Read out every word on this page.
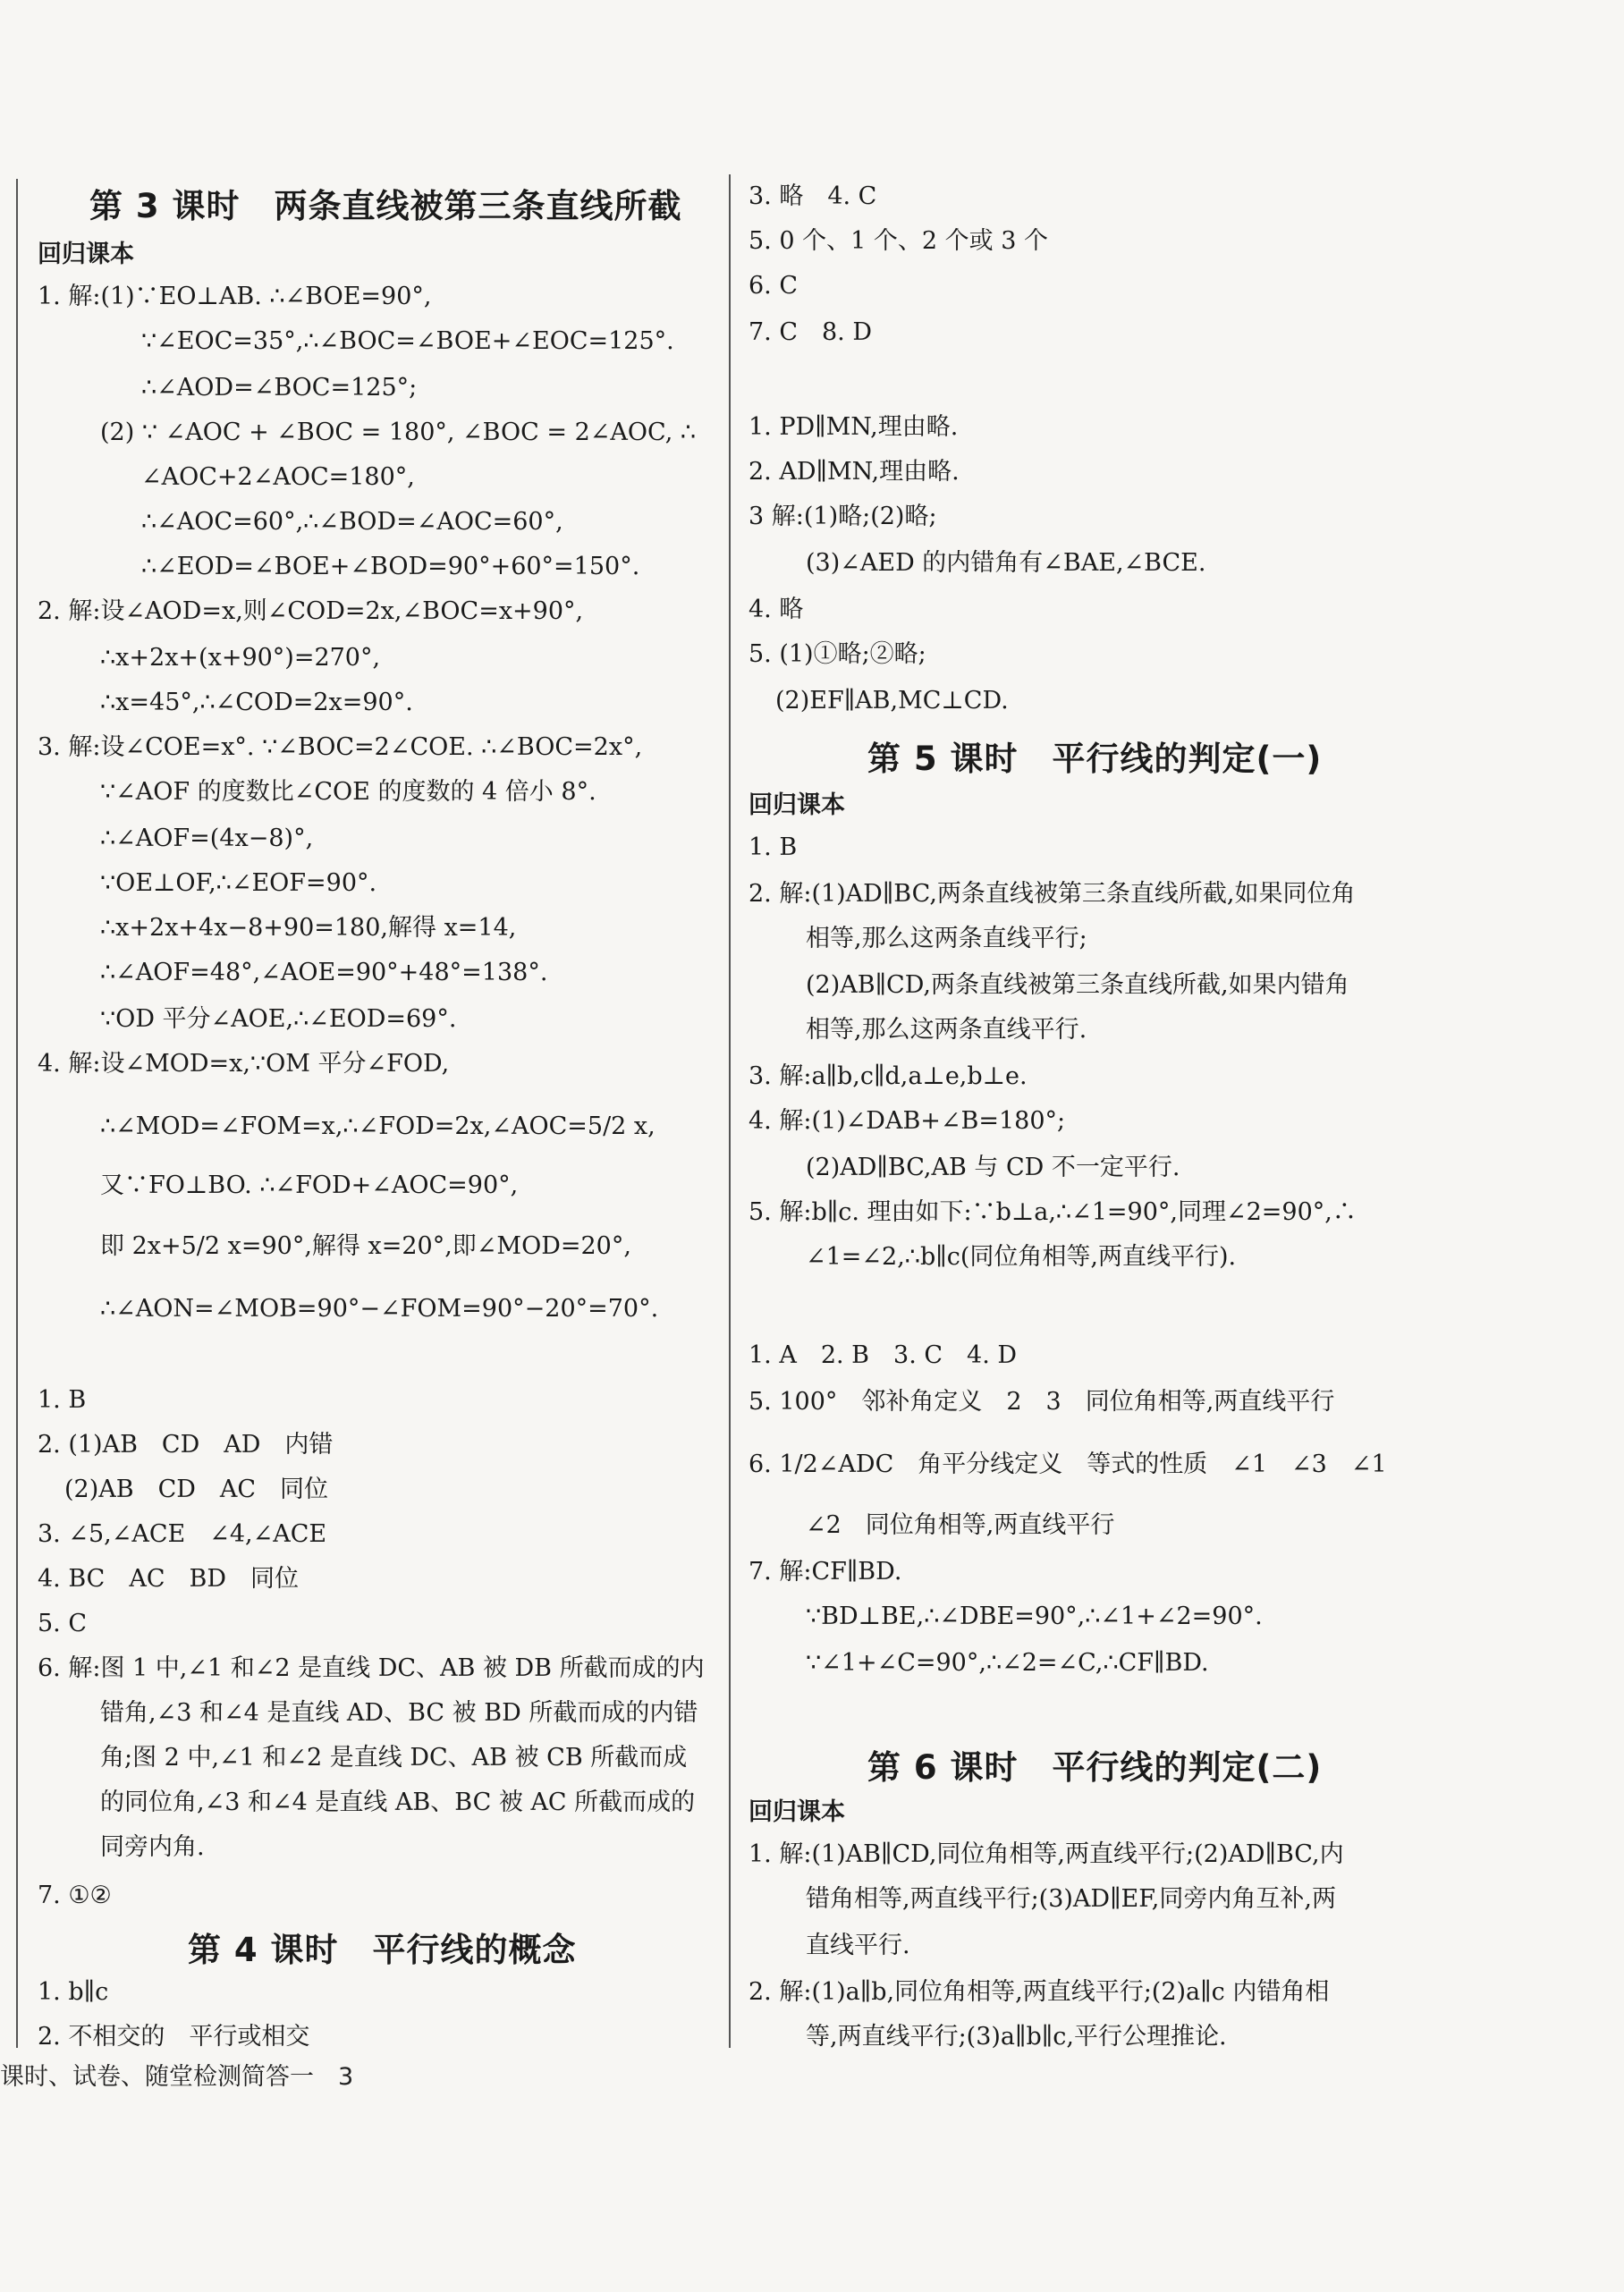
第 3 课时　两条直线被第三条直线所截
回归课本
1. 解:(1)∵EO⊥AB. ∴∠BOE=90°,
∵∠EOC=35°,∴∠BOC=∠BOE+∠EOC=125°.
∴∠AOD=∠BOC=125°;
(2) ∵ ∠AOC + ∠BOC = 180°, ∠BOC = 2∠AOC, ∴
∠AOC+2∠AOC=180°,
∴∠AOC=60°,∴∠BOD=∠AOC=60°,
∴∠EOD=∠BOE+∠BOD=90°+60°=150°.
2. 解:设∠AOD=x,则∠COD=2x,∠BOC=x+90°,
∴x+2x+(x+90°)=270°,
∴x=45°,∴∠COD=2x=90°.
3. 解:设∠COE=x°. ∵∠BOC=2∠COE. ∴∠BOC=2x°,
∵∠AOF 的度数比∠COE 的度数的 4 倍小 8°.
∴∠AOF=(4x−8)°,
∵OE⊥OF,∴∠EOF=90°.
∴x+2x+4x−8+90=180,解得 x=14,
∴∠AOF=48°,∠AOE=90°+48°=138°.
∵OD 平分∠AOE,∴∠EOD=69°.
4. 解:设∠MOD=x,∵OM 平分∠FOD,
∴∠MOD=∠FOM=x,∴∠FOD=2x,∠AOC=5/2 x,
又∵FO⊥BO. ∴∠FOD+∠AOC=90°,
即 2x+5/2 x=90°,解得 x=20°,即∠MOD=20°,
∴∠AON=∠MOB=90°−∠FOM=90°−20°=70°.
1. B
2. (1)AB　CD　AD　内错
(2)AB　CD　AC　同位
3. ∠5,∠ACE　∠4,∠ACE
4. BC　AC　BD　同位
5. C
6. 解:图 1 中,∠1 和∠2 是直线 DC、AB 被 DB 所截而成的内
错角,∠3 和∠4 是直线 AD、BC 被 BD 所截而成的内错
角;图 2 中,∠1 和∠2 是直线 DC、AB 被 CB 所截而成
的同位角,∠3 和∠4 是直线 AB、BC 被 AC 所截而成的
同旁内角.
7. ①②
第 4 课时　平行线的概念
1. b∥c
2. 不相交的　平行或相交
3. 略　4. C
5. 0 个、1 个、2 个或 3 个
6. C
7. C　8. D
1. PD∥MN,理由略.
2. AD∥MN,理由略.
3 解:(1)略;(2)略;
(3)∠AED 的内错角有∠BAE,∠BCE.
4. 略
5. (1)①略;②略;
(2)EF∥AB,MC⊥CD.
第 5 课时　平行线的判定(一)
回归课本
1. B
2. 解:(1)AD∥BC,两条直线被第三条直线所截,如果同位角
相等,那么这两条直线平行;
(2)AB∥CD,两条直线被第三条直线所截,如果内错角
相等,那么这两条直线平行.
3. 解:a∥b,c∥d,a⊥e,b⊥e.
4. 解:(1)∠DAB+∠B=180°;
(2)AD∥BC,AB 与 CD 不一定平行.
5. 解:b∥c. 理由如下:∵b⊥a,∴∠1=90°,同理∠2=90°,∴
∠1=∠2,∴b∥c(同位角相等,两直线平行).
1. A　2. B　3. C　4. D
5. 100°　邻补角定义　2　3　同位角相等,两直线平行
6. 1/2∠ADC　角平分线定义　等式的性质　∠1　∠3　∠1
∠2　同位角相等,两直线平行
7. 解:CF∥BD.
∵BD⊥BE,∴∠DBE=90°,∴∠1+∠2=90°.
∵∠1+∠C=90°,∴∠2=∠C,∴CF∥BD.
第 6 课时　平行线的判定(二)
回归课本
1. 解:(1)AB∥CD,同位角相等,两直线平行;(2)AD∥BC,内
错角相等,两直线平行;(3)AD∥EF,同旁内角互补,两
直线平行.
2. 解:(1)a∥b,同位角相等,两直线平行;(2)a∥c 内错角相
等,两直线平行;(3)a∥b∥c,平行公理推论.
课时、试卷、随堂检测简答一　3
